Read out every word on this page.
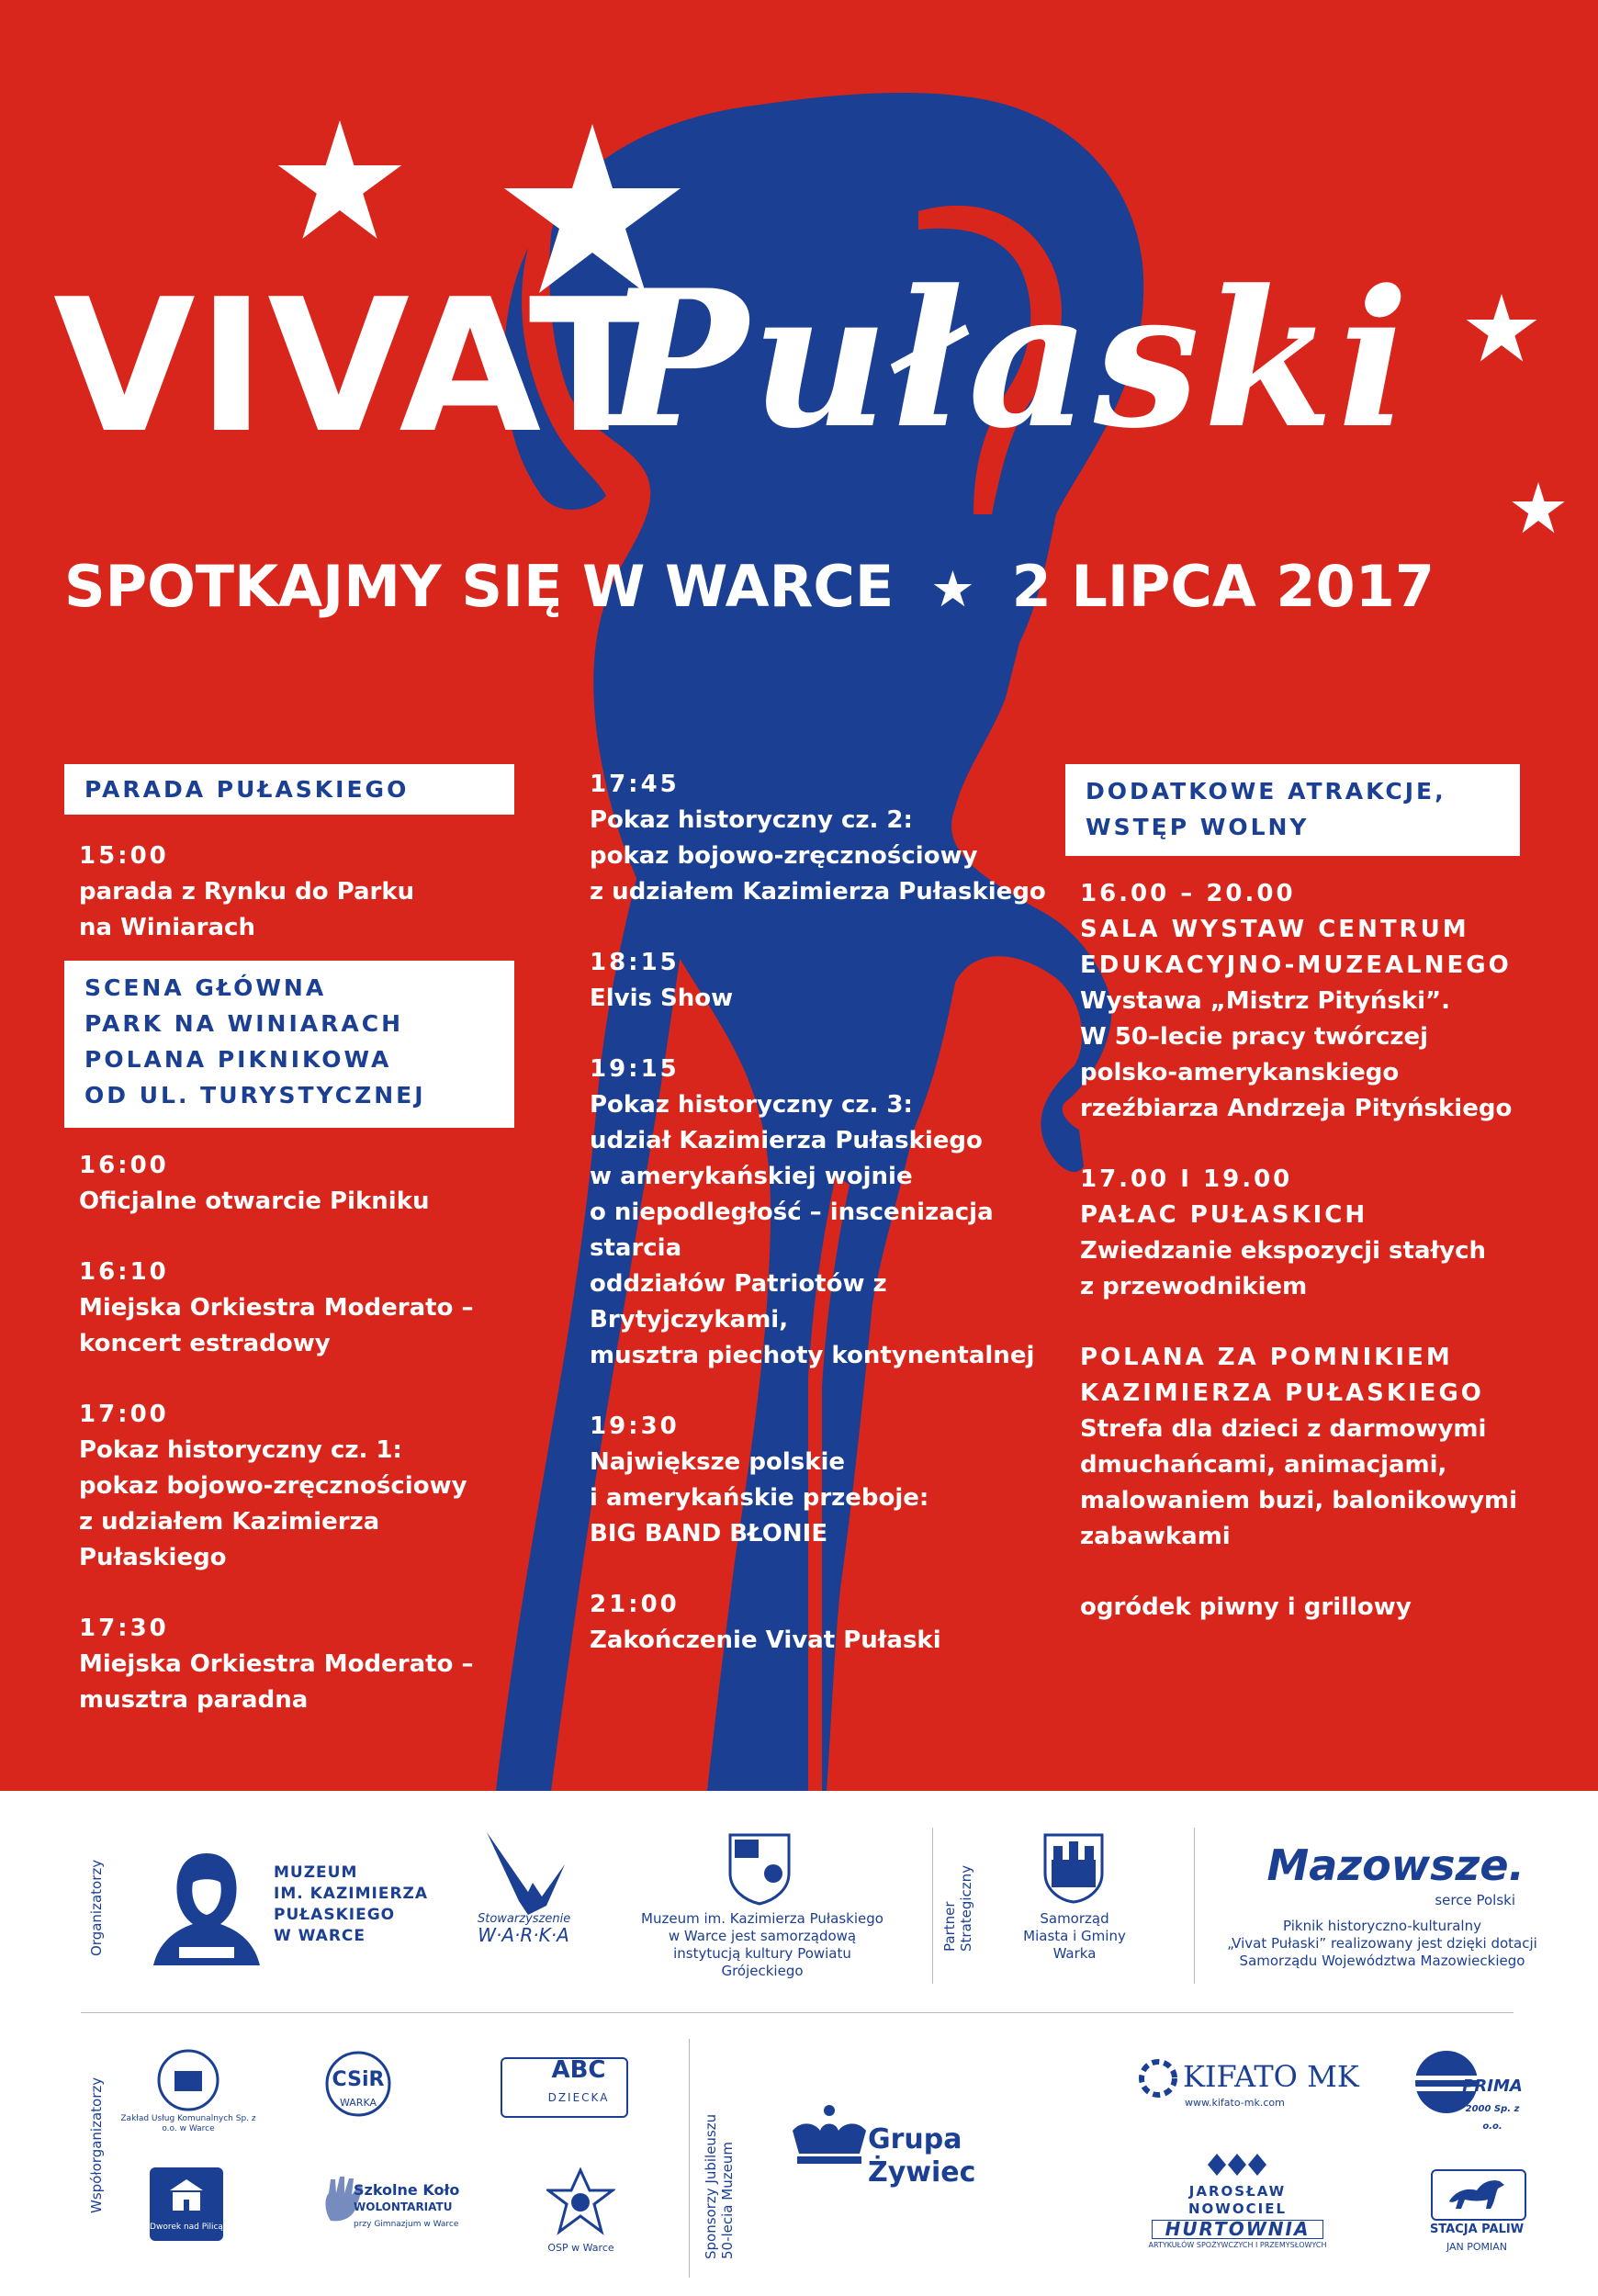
VIVAT
Pułaski
SPOTKAJMY SIĘ W WARCE ★ 2 LIPCA 2017
PARADA PUŁASKIEGO
15:00
parada z Rynku do Parku
na Winiarach
SCENA GŁÓWNA
PARK NA WINIARACH
POLANA PIKNIKOWA
OD UL. TURYSTYCZNEJ
16:00
Oficjalne otwarcie Pikniku
16:10
Miejska Orkiestra Moderato –
koncert estradowy
17:00
Pokaz historyczny cz. 1:
pokaz bojowo-zręcznościowy
z udziałem Kazimierza Pułaskiego
17:30
Miejska Orkiestra Moderato –
musztra paradna
17:45
Pokaz historyczny cz. 2:
pokaz bojowo-zręcznościowy
z udziałem Kazimierza Pułaskiego
18:15
Elvis Show
19:15
Pokaz historyczny cz. 3:
udział Kazimierza Pułaskiego
w amerykańskiej wojnie
o niepodległość – inscenizacja starcia
oddziałów Patriotów z Brytyjczykami,
musztra piechoty kontynentalnej
19:30
Największe polskie
i amerykańskie przeboje:
BIG BAND BŁONIE
21:00
Zakończenie Vivat Pułaski
DODATKOWE ATRAKCJE,
WSTĘP WOLNY
16.00 – 20.00
SALA WYSTAW CENTRUM
EDUKACYJNO-MUZEALNEGO
Wystawa „Mistrz Pityński”.
W 50–lecie pracy twórczej
polsko-amerykanskiego
rzeźbiarza Andrzeja Pityńskiego
17.00 I 19.00
PAŁAC PUŁASKICH
Zwiedzanie ekspozycji stałych
z przewodnikiem
POLANA ZA POMNIKIEM
KAZIMIERZA PUŁASKIEGO
Strefa dla dzieci z darmowymi
dmuchańcami, animacjami,
malowaniem buzi, balonikowymi
zabawkami
ogródek piwny i grillowy
Organizatorzy	MUZEUM
IM. KAZIMIERZA
PUŁASKIEGO
W WARCE
Stowarzyszenie
W·A·R·K·A
Muzeum im. Kazimierza Pułaskiego
w Warce jest samorządową
instytucją kultury Powiatu Grójeckiego
Partner Strategiczny	Samorząd
Miasta i Gminy
Warka
Mazowsze.
serce Polski
Piknik historyczno-kulturalny
„Vivat Pułaski” realizowany jest dzięki dotacji
Samorządu Województwa Mazowieckiego
Współorganizatorzy Zakład Usług Komunalnych Sp. z o.o. w Warce
CSiR
WARKA
ABC
DZIECKA
Dworek nad Pilicą
Szkolne Koło
WOLONTARIATU
przy Gimnazjum w Warce
OSP w Warce	Sponsorzy Jubileuszu 50-lecia Muzeum
Grupa Żywiec
KIFATO MK
www.kifato-mk.com
PRIMA
2000 Sp. z o.o.
JAROSŁAW NOWOCIEL
HURTOWNIA
ARTYKUŁÓW SPOŻYWCZYCH I PRZEMYSŁOWYCH
STACJA PALIW
JAN POMIAN
